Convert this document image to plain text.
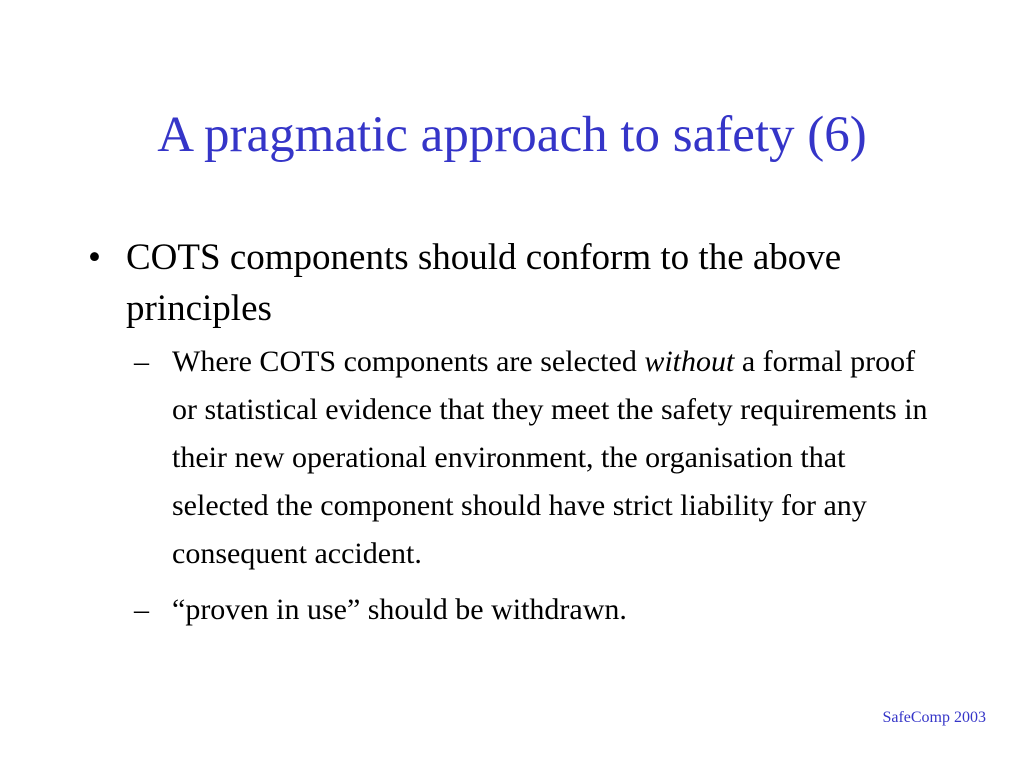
A pragmatic approach to safety (6)
• COTS components should conform to the above principles
– Where COTS components are selected without a formal proof or statistical evidence that they meet the safety requirements in their new operational environment, the organisation that selected the component should have strict liability for any consequent accident.
– “proven in use” should be withdrawn.
SafeComp 2003
